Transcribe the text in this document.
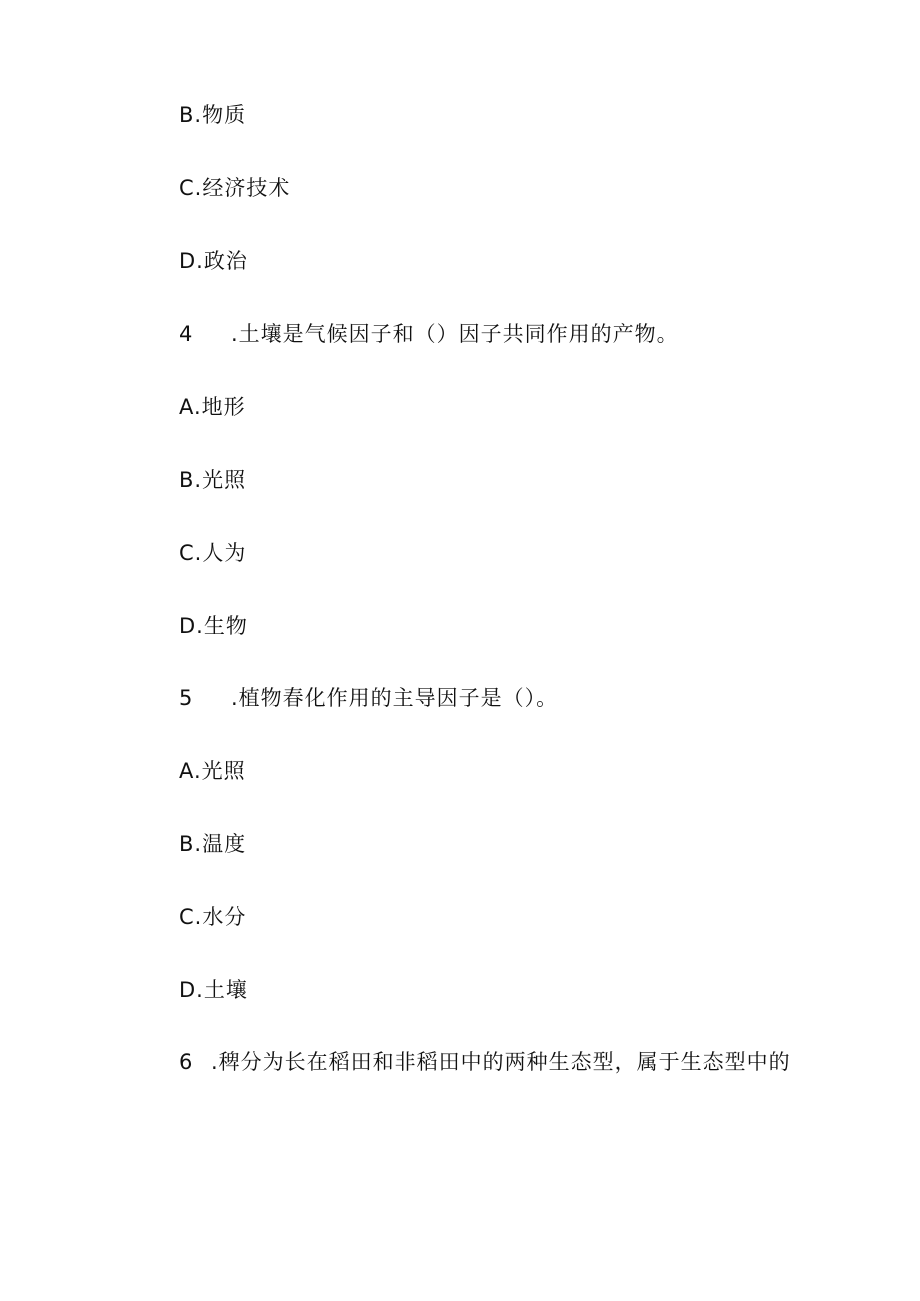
B.物质
C.经济技术
D.政治
4 .土壤是气候因子和（）因子共同作用的产物。
A.地形
B.光照
C.人为
D.生物
5 .植物春化作用的主导因子是（）。
A.光照
B.温度
C.水分
D.土壤
6 .稗分为长在稻田和非稻田中的两种生态型，属于生态型中的
